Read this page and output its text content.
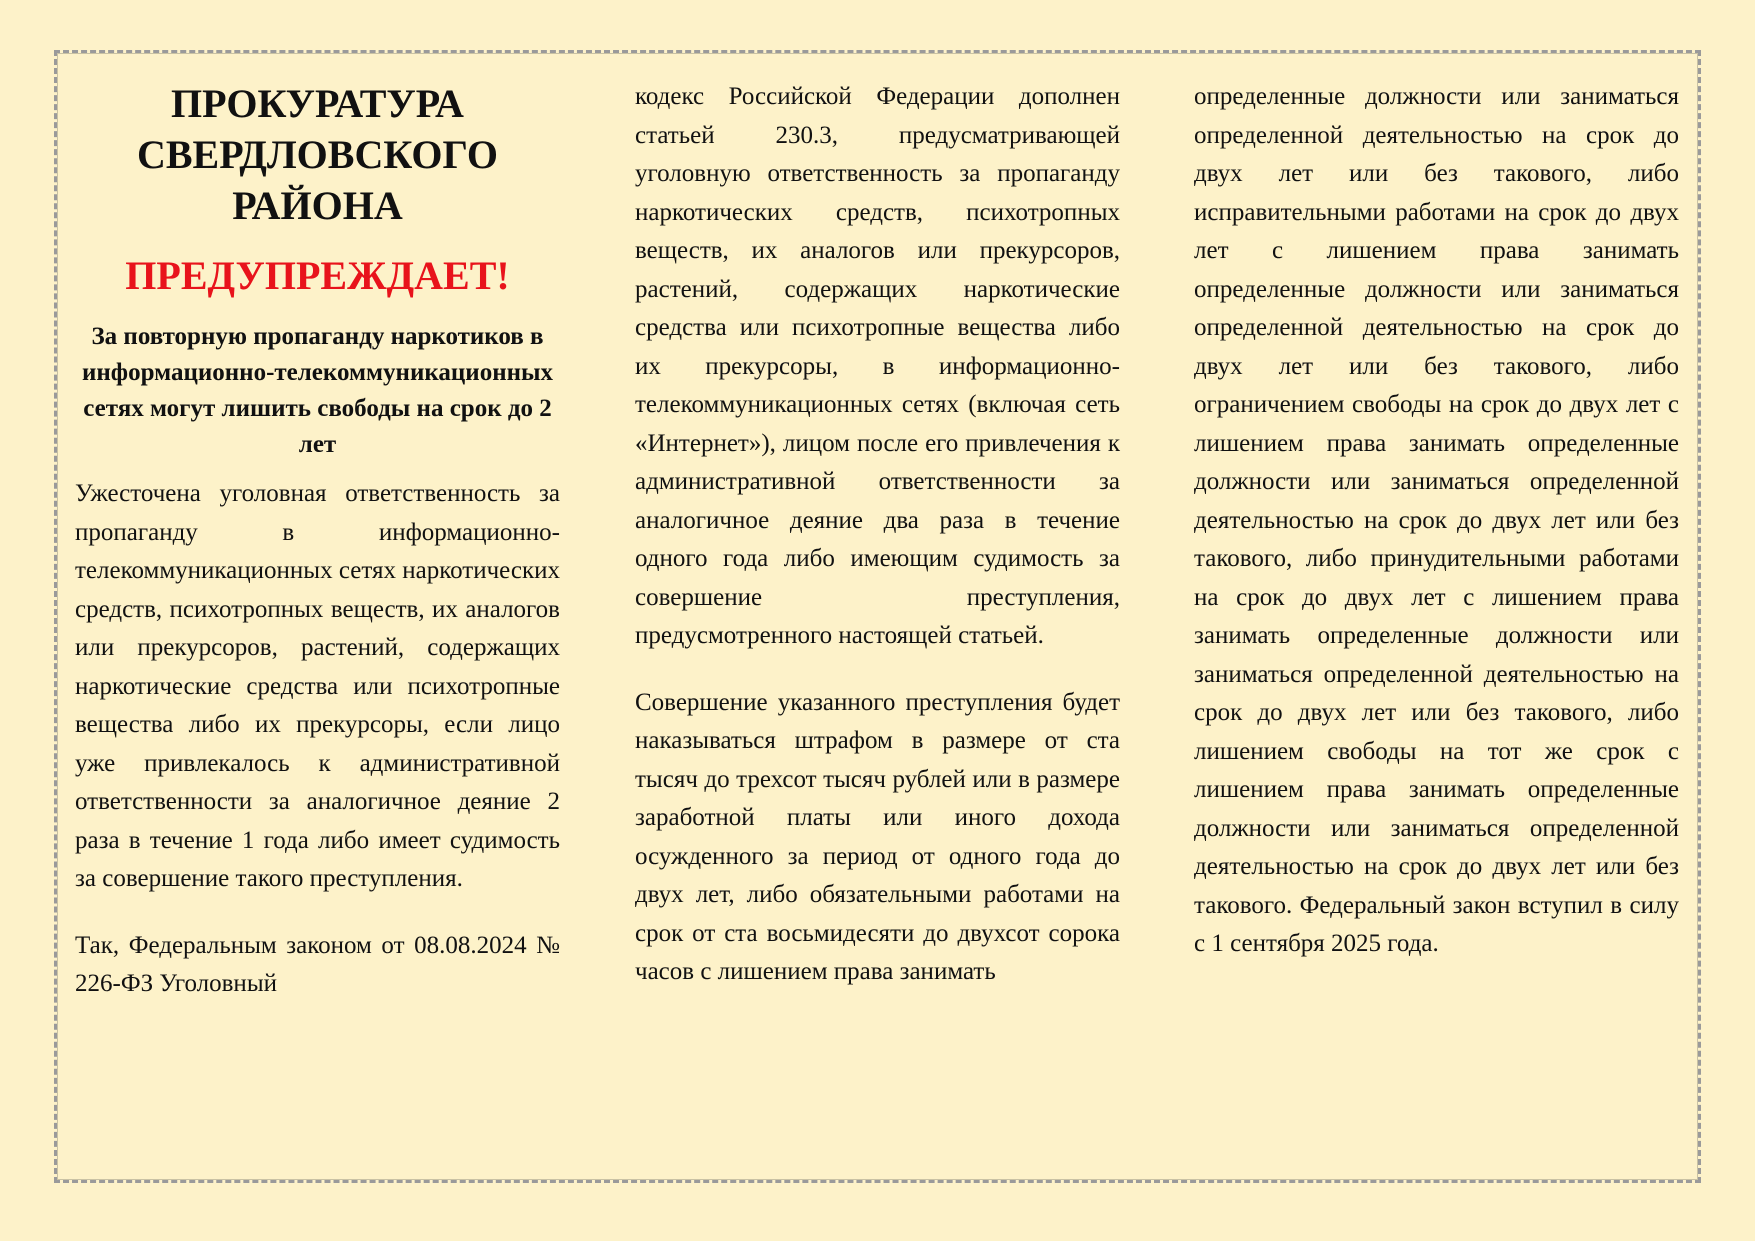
ПРОКУРАТУРА СВЕРДЛОВСКОГО РАЙОНА
ПРЕДУПРЕЖДАЕТ!
За повторную пропаганду наркотиков в информационно-телекоммуникационных сетях могут лишить свободы на срок до 2 лет

Ужесточена уголовная ответственность за пропаганду в информационно-телекоммуникационных сетях наркотических средств, психотропных веществ, их аналогов или прекурсоров, растений, содержащих наркотические средства или психотропные вещества либо их прекурсоры, если лицо уже привлекалось к административной ответственности за аналогичное деяние 2 раза в течение 1 года либо имеет судимость за совершение такого преступления.

Так, Федеральным законом от 08.08.2024 № 226-ФЗ Уголовный

кодекс Российской Федерации дополнен статьей 230.3, предусматривающей уголовную ответственность за пропаганду наркотических средств, психотропных веществ, их аналогов или прекурсоров, растений, содержащих наркотические средства или психотропные вещества либо их прекурсоры, в информационно-телекоммуникационных сетях (включая сеть «Интернет»), лицом после его привлечения к административной ответственности за аналогичное деяние два раза в течение одного года либо имеющим судимость за совершение преступления, предусмотренного настоящей статьей.

Совершение указанного преступления будет наказываться штрафом в размере от ста тысяч до трехсот тысяч рублей или в размере заработной платы или иного дохода осужденного за период от одного года до двух лет, либо обязательными работами на срок от ста восьмидесяти до двухсот сорока часов с лишением права занимать

определенные должности или заниматься определенной деятельностью на срок до двух лет или без такового, либо исправительными работами на срок до двух лет с лишением права занимать определенные должности или заниматься определенной деятельностью на срок до двух лет или без такового, либо ограничением свободы на срок до двух лет с лишением права занимать определенные должности или заниматься определенной деятельностью на срок до двух лет или без такового, либо принудительными работами на срок до двух лет с лишением права занимать определенные должности или заниматься определенной деятельностью на срок до двух лет или без такового, либо лишением свободы на тот же срок с лишением права занимать определенные должности или заниматься определенной деятельностью на срок до двух лет или без такового. Федеральный закон вступил в силу с 1 сентября 2025 года.
